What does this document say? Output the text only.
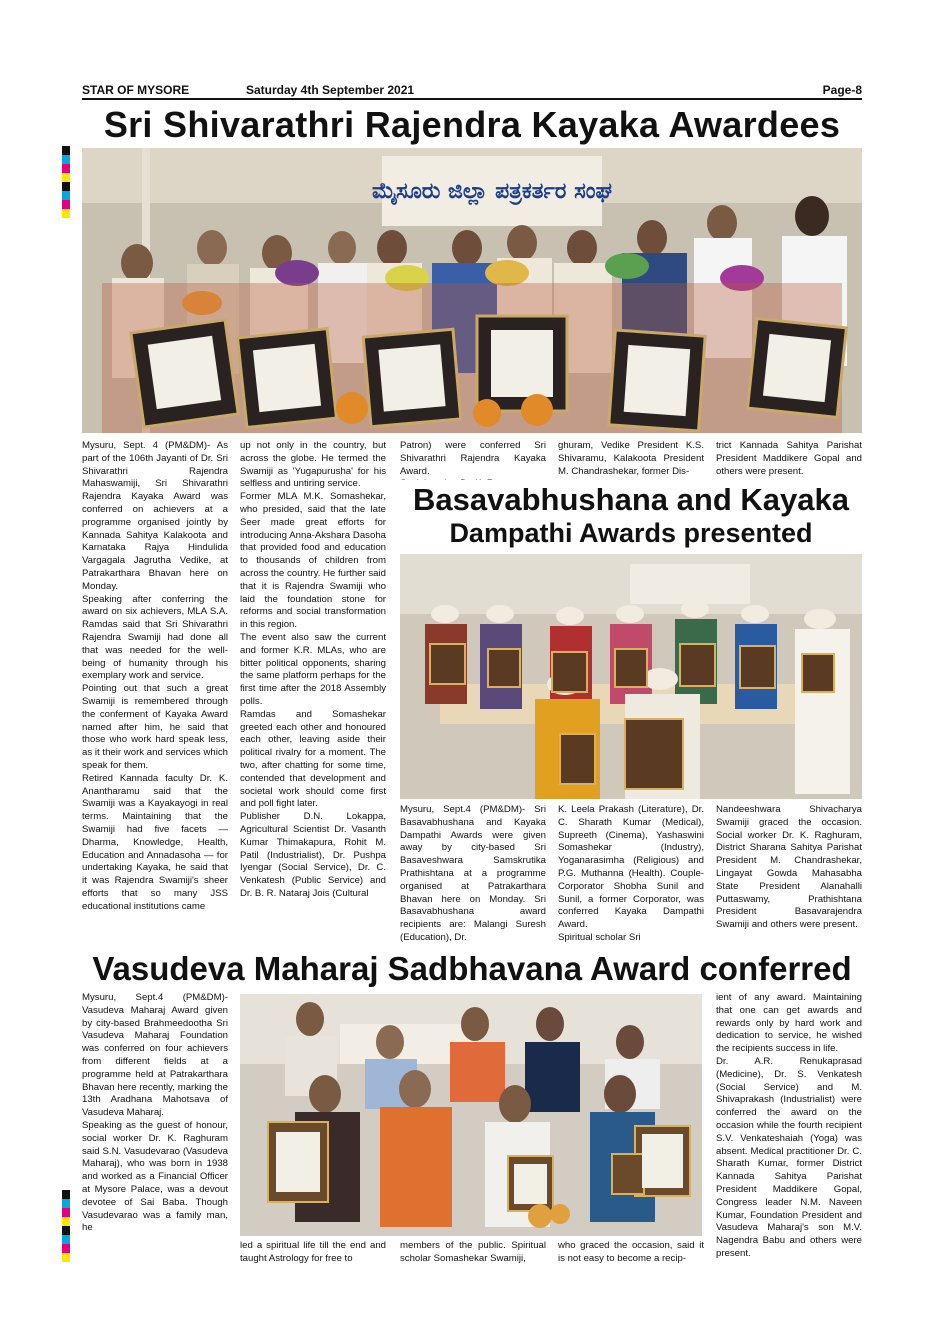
STAR OF MYSORE	Saturday 4th September 2021	Page-8
Sri Shivarathri Rajendra Kayaka Awardees
ಮೈಸೂರು ಜಿಲ್ಲಾ ಪತ್ರಕರ್ತರ ಸಂಘ

Mysuru, Sept. 4 (PM&DM)- As part of the 106th Jayanti of Dr. Sri Shivarathri Rajendra Mahaswamiji, Sri Shivarathri Rajendra Kayaka Award was conferred on achievers at a programme organised jointly by Kannada Sahitya Kalakoota and Karnataka Rajya Hindulida Vargagala Jagrutha Vedike, at Patrakarthara Bhavan here on Monday.
Speaking after conferring the award on six achievers, MLA S.A. Ramdas said that Sri Shivarathri Rajendra Swamiji had done all that was needed for the well-being of humanity through his exemplary work and service.
Pointing out that such a great Swamiji is remembered through the conferment of Kayaka Award named after him, he said that those who work hard speak less, as it their work and services which speak for them.
Retired Kannada faculty Dr. K. Anantharamu said that the Swamiji was a Kayakayogi in real terms. Maintaining that the Swamiji had five facets — Dharma, Knowledge, Health, Education and Annadasoha — for undertaking Kayaka, he said that it was Rajendra Swamiji's sheer efforts that so many JSS educational institutions came

up not only in the country, but across the globe. He termed the Swamiji as 'Yugapurusha' for his selfless and untiring service.
Former MLA M.K. Somashekar, who presided, said that the late Seer made great efforts for introducing Anna-Akshara Dasoha that provided food and education to thousands of children from across the country. He further said that it is Rajendra Swamiji who laid the foundation stone for reforms and social transformation in this region.
The event also saw the current and former K.R. MLAs, who are bitter political opponents, sharing the same platform perhaps for the first time after the 2018 Assembly polls.
Ramdas and Somashekar greeted each other and honoured each other, leaving aside their political rivalry for a moment. The two, after chatting for some time, contended that development and societal work should come first and poll fight later.
Publisher D.N. Lokappa, Agricultural Scientist Dr. Vasanth Kumar Thimakapura, Rohit M. Patil (Industrialist), Dr. Pushpa Iyengar (Social Service), Dr. C. Venkatesh (Public Service) and Dr. B. R. Nataraj Jois (Cultural

Patron) were conferred Sri Shivarathri Rajendra Kayaka Award.

ghuram, Vedike President K.S. Shivaramu, Kalakoota President M. Chandrashekar, former Dis-

trict Kannada Sahitya Parishat President Maddikere Gopal and others were present.

Basavabhushana and Kayaka
Dampathi Awards presented

Mysuru, Sept.4 (PM&DM)- Sri Basavabhushana and Kayaka Dampathi Awards were given away by city-based Sri Basaveshwara Samskrutika Prathishtana at a programme organised at Patrakarthara Bhavan here on Monday. Sri Basavabhushana award recipients are: Malangi Suresh (Education), Dr.

K. Leela Prakash (Literature), Dr. C. Sharath Kumar (Medical), Supreeth (Cinema), Yashaswini Somashekar (Industry), Yoganarasimha (Religious) and P.G. Muthanna (Health). Couple-Corporator Shobha Sunil and Sunil, a former Corporator, was conferred Kayaka Dampathi Award.
Spiritual scholar Sri

Nandeeshwara Shivacharya Swamiji graced the occasion. Social worker Dr. K. Raghuram, District Sharana Sahitya Parishat President M. Chandrashekar, Lingayat Gowda Mahasabha State President Alanahalli Puttaswamy, Prathishtana President Basavarajendra Swamiji and others were present.

Vasudeva Maharaj Sadbhavana Award conferred

Mysuru, Sept.4 (PM&DM)- Vasudeva Maharaj Award given by city-based Brahmeedootha Sri Vasudeva Maharaj Foundation was conferred on four achievers from different fields at a programme held at Patrakarthara Bhavan here recently, marking the 13th Aradhana Mahotsava of Vasudeva Maharaj.
Speaking as the guest of honour, social worker Dr. K. Raghuram said S.N. Vasudevarao (Vasudeva Maharaj), who was born in 1938 and worked as a Financial Officer at Mysore Palace, was a devout devotee of Sai Baba. Though Vasudevarao was a family man, he

led a spiritual life till the end and taught Astrology for free to

members of the public. Spiritual scholar Somashekar Swamiji,

who graced the occasion, said it is not easy to become a recip-

ient of any award. Maintaining that one can get awards and rewards only by hard work and dedication to service, he wished the recipients success in life.
Dr. A.R. Renukaprasad (Medicine), Dr. S. Venkatesh (Social Service) and M. Shivaprakash (Industrialist) were conferred the award on the occasion while the fourth recipient S.V. Venkateshaiah (Yoga) was absent. Medical practitioner Dr. C. Sharath Kumar, former District Kannada Sahitya Parishat President Maddikere Gopal, Congress leader N.M. Naveen Kumar, Foundation President and Vasudeva Maharaj's son M.V. Nagendra Babu and others were present.
